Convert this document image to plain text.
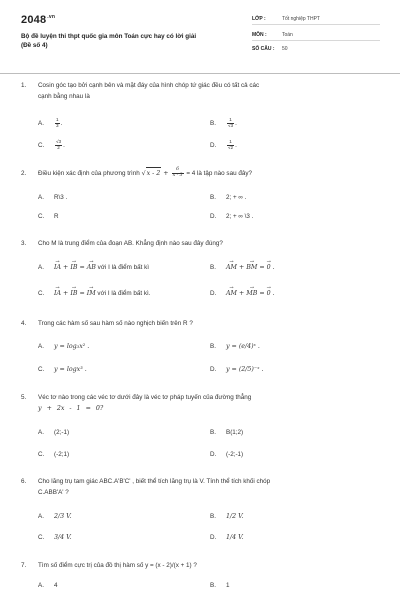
$2048^{.vn}$
Bộ đề luyện thi thpt quốc gia môn Toán cực hay có lời giải
(Đề số 4)
LỚP :	Tốt nghiệp THPT
MÔN :	Toán
SỐ CÂU : 50
1. Cosin góc tạo bởi cạnh bên và mặt đáy của hình chóp tứ giác đều có tất cả các
cạnh bằng nhau là
A. $\frac{1}{3}$ .	B. $\frac{1}{√3}$ .
C. $\frac{√3}{2}$ .	D. $\frac{1}{√2}$ .
2. Điều kiện xác định của phương trình $√x - 2 + \frac{6}{x - 3} = 4$ là tập nào sau đây?
A. R\3 .	B. 2; + ∞ .
C. R	D. 2; + ∞ \3 .
3. Cho M là trung điểm của đoạn AB. Khẳng định nào sau đây đúng?
A. → IA + → IB = → AB với I là điểm bất kì	B. → AM + → BM = → 0 .
C. → IA + → IB = → IM với I là điểm bất kì.	D. → AM + → MB = → 0 .
4. Trong các hàm số sau hàm số nào nghịch biến trên R ?
A. y = log₃x² .	B. y = (e/4)ˣ .
C. y = logx³ .	D. y = (2/5)⁻ˣ .
5. Véc tơ nào trong các véc tơ dưới đây là véc tơ pháp tuyến của đường thẳng
y + 2x - 1 = 0?
A. (2;-1)	B. B(1;2)
C. (-2;1)	D. (-2;-1)
6. Cho lăng trụ tam giác ABC.A'B'C' , biết thể tích lăng trụ là V. Tính thể tích khối chóp
C.ABB'A' ?
A. 2/3 V.	B. 1/2 V.
C. 3/4 V.	D. 1/4 V.
7. Tìm số điểm cực trị của đồ thị hàm số y = (x - 2)/(x + 1) ?
A. 4	B. 1
